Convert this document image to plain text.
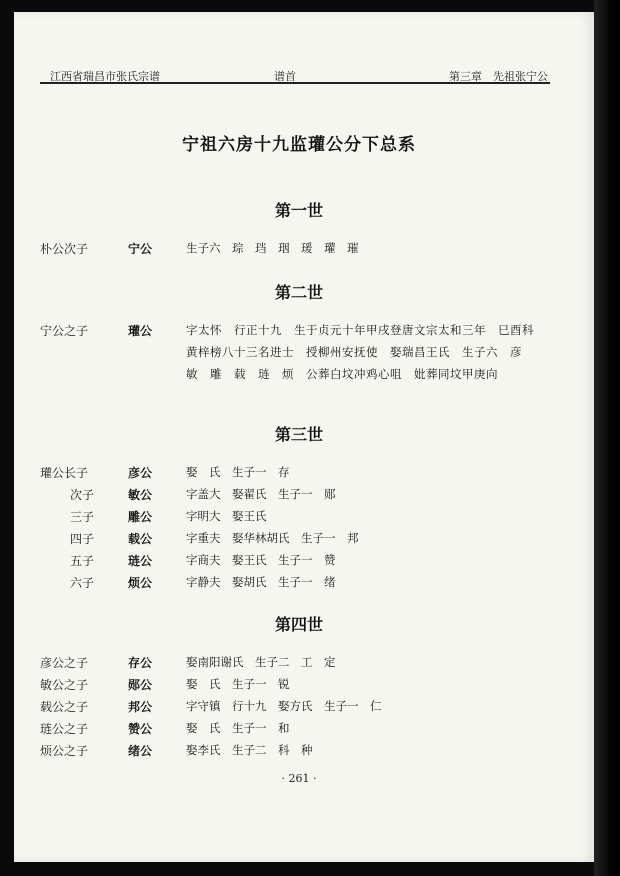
江西省瑞昌市张氏宗谱	谱首	第三章　先祖张宁公
宁祖六房十九监瓘公分下总系
第一世
朴公次子	宁公	生子六　琮　珰　珚　瑗　瓘　璀
第二世
宁公之子	瓘公	字太怀　行正十九　生于贞元十年甲戌登唐文宗太和三年　巳酉科　黄梓榜八十三名进士　授柳州安抚使　娶瑞昌王氏　生子六　彦　敏　雕　载　琏　烦　公葬白坟冲鸡心咀　妣葬同坟甲庚向
第三世
瓘公长子	彦公	娶　氏　生子一　存
次子	敏公	字盖大　娶翟氏　生子一　郧
三子	雕公	字明大　娶王氏
四子	载公	字重夫　娶华林胡氏　生子一　邦
五子	琏公	字商夫　娶王氏　生子一　赞
六子	烦公	字静夫　娶胡氏　生子一　绪
第四世
彦公之子	存公	娶南阳谢氏　生子二　工　定
敏公之子	郧公	娶　氏　生子一　锐
载公之子	邦公	字守镇　行十九　娶方氏　生子一　仁
琏公之子	赞公	娶　氏　生子一　和
烦公之子	绪公	娶李氏　生子二　科　种
· 261 ·
